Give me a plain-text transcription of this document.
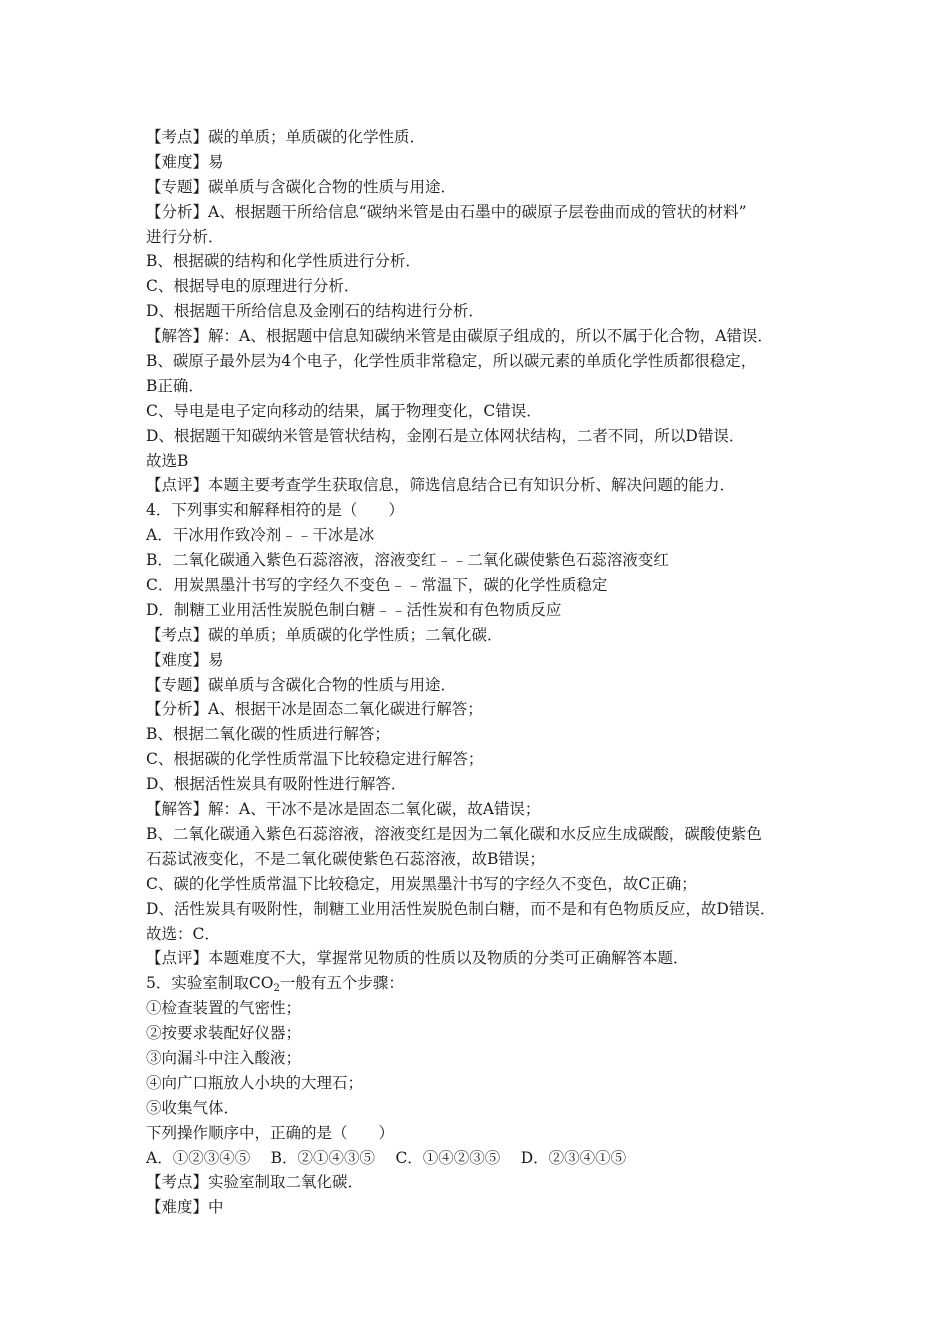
【考点】碳的单质；单质碳的化学性质．
【难度】易
【专题】碳单质与含碳化合物的性质与用途．
【分析】A、根据题干所给信息“碳纳米管是由石墨中的碳原子层卷曲而成的管状的材料”
进行分析．
B、根据碳的结构和化学性质进行分析．
C、根据导电的原理进行分析．
D、根据题干所给信息及金刚石的结构进行分析．
【解答】解：A、根据题中信息知碳纳米管是由碳原子组成的，所以不属于化合物，A错误．
B、碳原子最外层为4个电子，化学性质非常稳定，所以碳元素的单质化学性质都很稳定，
B正确．
C、导电是电子定向移动的结果，属于物理变化，C错误．
D、根据题干知碳纳米管是管状结构，金刚石是立体网状结构，二者不同，所以D错误．
故选B
【点评】本题主要考查学生获取信息，筛选信息结合已有知识分析、解决问题的能力．
4．下列事实和解释相符的是（　　）
A．干冰用作致冷剂﹣﹣干冰是冰
B．二氧化碳通入紫色石蕊溶液，溶液变红﹣﹣二氧化碳使紫色石蕊溶液变红
C．用炭黑墨汁书写的字经久不变色﹣﹣常温下，碳的化学性质稳定
D．制糖工业用活性炭脱色制白糖﹣﹣活性炭和有色物质反应
【考点】碳的单质；单质碳的化学性质；二氧化碳．
【难度】易
【专题】碳单质与含碳化合物的性质与用途．
【分析】A、根据干冰是固态二氧化碳进行解答；
B、根据二氧化碳的性质进行解答；
C、根据碳的化学性质常温下比较稳定进行解答；
D、根据活性炭具有吸附性进行解答．
【解答】解：A、干冰不是冰是固态二氧化碳，故A错误；
B、二氧化碳通入紫色石蕊溶液，溶液变红是因为二氧化碳和水反应生成碳酸，碳酸使紫色
石蕊试液变化，不是二氧化碳使紫色石蕊溶液，故B错误；
C、碳的化学性质常温下比较稳定，用炭黑墨汁书写的字经久不变色，故C正确；
D、活性炭具有吸附性，制糖工业用活性炭脱色制白糖，而不是和有色物质反应，故D错误．
故选：C．
【点评】本题难度不大，掌握常见物质的性质以及物质的分类可正确解答本题．
5．实验室制取$CO_2$一般有五个步骤：
①检查装置的气密性；
②按要求装配好仪器；
③向漏斗中注入酸液；
④向广口瓶放人小块的大理石；
⑤收集气体．
下列操作顺序中，正确的是（　　）
A．①②③④⑤　 B．②①④③⑤　 C．①④②③⑤　 D．②③④①⑤
【考点】实验室制取二氧化碳．
【难度】中
